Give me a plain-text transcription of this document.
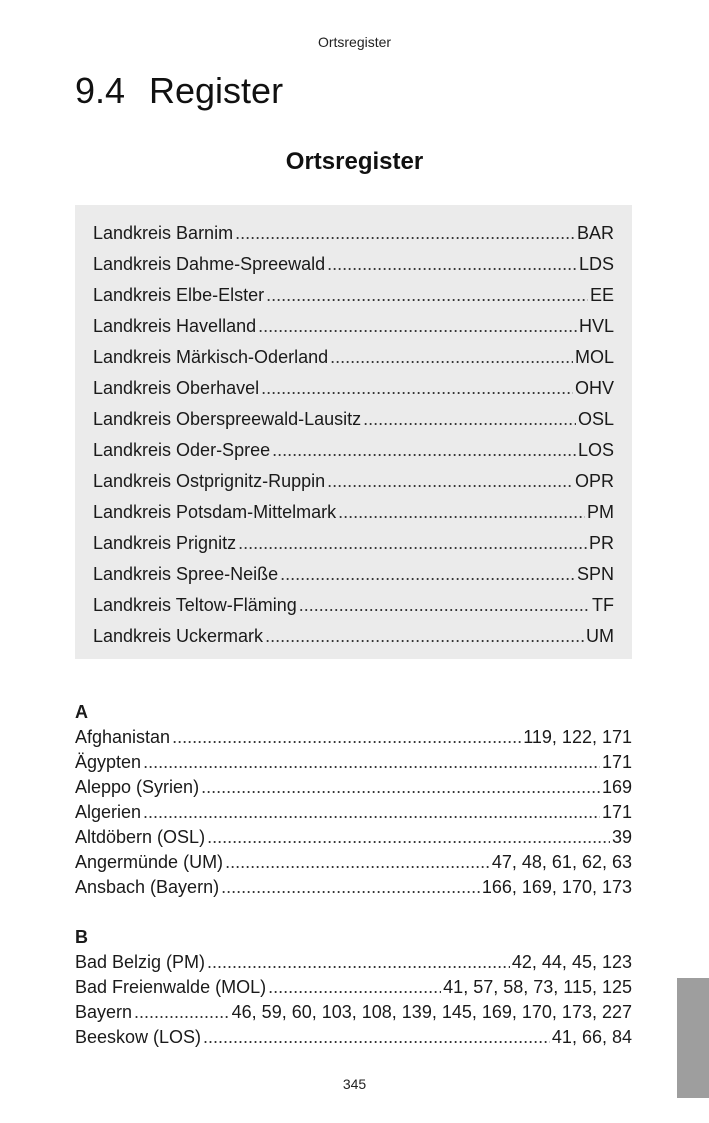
Ortsregister
9.4 Register
Ortsregister
Landkreis Barnim .....	BAR
Landkreis Dahme-Spreewald .....	LDS
Landkreis Elbe-Elster .....	EE
Landkreis Havelland .....	HVL
Landkreis Märkisch-Oderland .....	MOL
Landkreis Oberhavel .....	OHV
Landkreis Oberspreewald-Lausitz .....	OSL
Landkreis Oder-Spree .....	LOS
Landkreis Ostprignitz-Ruppin .....	OPR
Landkreis Potsdam-Mittelmark .....	PM
Landkreis Prignitz .....	PR
Landkreis Spree-Neiße .....	SPN
Landkreis Teltow-Fläming .....	TF
Landkreis Uckermark .....	UM
A
Afghanistan .....	119, 122, 171
Ägypten .....	171
Aleppo (Syrien) .....	169
Algerien .....	171
Altdöbern (OSL) .....	39
Angermünde (UM) .....	47, 48, 61, 62, 63
Ansbach (Bayern) .....	166, 169, 170, 173
B
Bad Belzig (PM) .....	42, 44, 45, 123
Bad Freienwalde (MOL) .....	41, 57, 58, 73, 115, 125
Bayern .....	46, 59, 60, 103, 108, 139, 145, 169, 170, 173, 227
Beeskow (LOS) .....	41, 66, 84
345
